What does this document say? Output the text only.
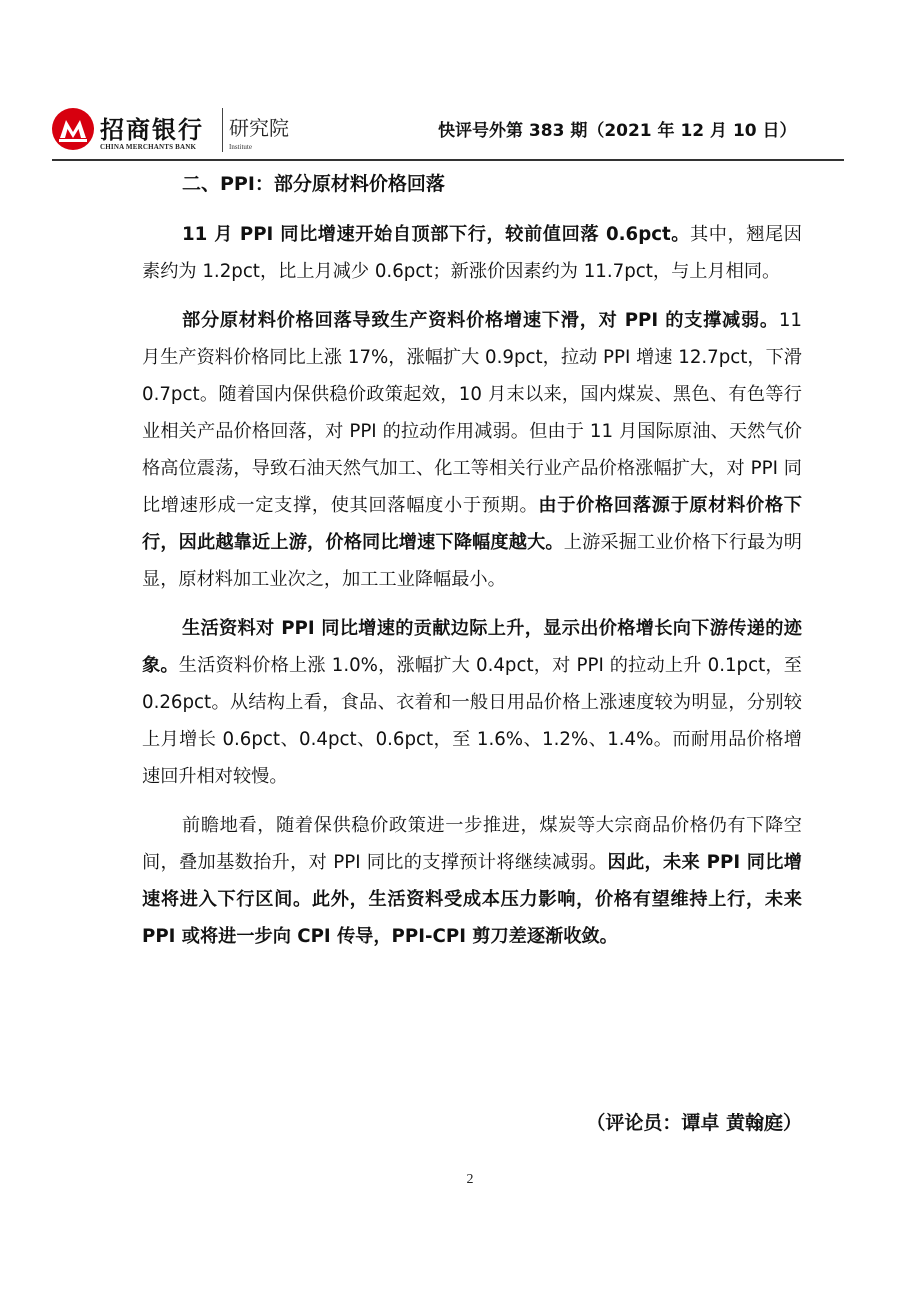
招商银行
CHINA MERCHANTS BANK
研究院
Institute
快评号外第 383 期（2021 年 12 月 10 日）
二、PPI：部分原材料价格回落

11 月 PPI 同比增速开始自顶部下行，较前值回落 0.6pct。其中，翘尾因素约为 1.2pct，比上月减少 0.6pct；新涨价因素约为 11.7pct，与上月相同。

部分原材料价格回落导致生产资料价格增速下滑，对 PPI 的支撑减弱。11 月生产资料价格同比上涨 17%，涨幅扩大 0.9pct，拉动 PPI 增速 12.7pct，下滑 0.7pct。随着国内保供稳价政策起效，10 月末以来，国内煤炭、黑色、有色等行业相关产品价格回落，对 PPI 的拉动作用减弱。但由于 11 月国际原油、天然气价格高位震荡，导致石油天然气加工、化工等相关行业产品价格涨幅扩大，对 PPI 同比增速形成一定支撑，使其回落幅度小于预期。由于价格回落源于原材料价格下行，因此越靠近上游，价格同比增速下降幅度越大。上游采掘工业价格下行最为明显，原材料加工业次之，加工工业降幅最小。

生活资料对 PPI 同比增速的贡献边际上升，显示出价格增长向下游传递的迹象。生活资料价格上涨 1.0%，涨幅扩大 0.4pct，对 PPI 的拉动上升 0.1pct，至 0.26pct。从结构上看，食品、衣着和一般日用品价格上涨速度较为明显，分别较上月增长 0.6pct、0.4pct、0.6pct，至 1.6%、1.2%、1.4%。而耐用品价格增速回升相对较慢。

前瞻地看，随着保供稳价政策进一步推进，煤炭等大宗商品价格仍有下降空间，叠加基数抬升，对 PPI 同比的支撑预计将继续减弱。因此，未来 PPI 同比增速将进入下行区间。此外，生活资料受成本压力影响，价格有望维持上行，未来 PPI 或将进一步向 CPI 传导，PPI-CPI 剪刀差逐渐收敛。

（评论员：谭卓 黄翰庭）
2
